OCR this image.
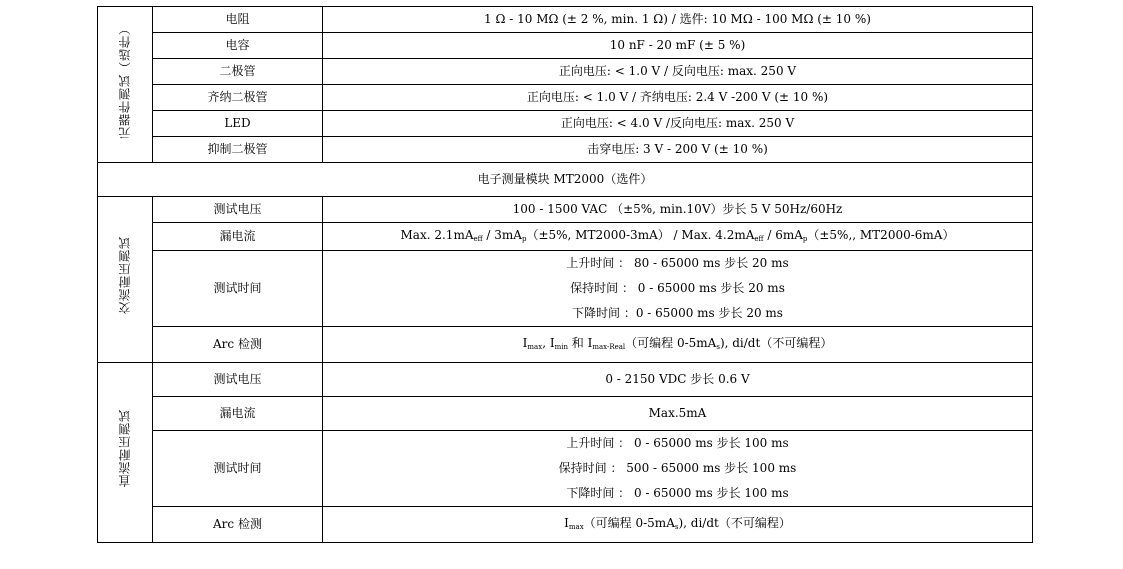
元器件测试（选件）	电阻	1 Ω - 10 MΩ (± 2 %, min. 1 Ω) / 选件: 10 MΩ - 100 MΩ (± 10 %)
	电容	10 nF - 20 mF (± 5 %)
	二极管	正向电压: < 1.0 V / 反向电压: max. 250 V
	齐纳二极管	正向电压: < 1.0 V / 齐纳电压: 2.4 V -200 V (± 10 %)
	LED	正向电压: < 4.0 V /反向电压: max. 250 V
	抑制二极管	击穿电压: 3 V - 200 V (± 10 %)
电子测量模块 MT2000（选件）		
交流耐压测试	测试电压	100 - 1500 VAC （±5%, min.10V）步长 5 V 50Hz/60Hz
	漏电流	Max. 2.1mAeff / 3mAp（±5%, MT2000-3mA） / Max. 4.2mAeff / 6mAp（±5%,, MT2000-6mA）
	测试时间	上升时间 ： 80 - 65000 ms 步长 20 ms
保持时间 ： 0 - 65000 ms 步长 20 ms
下降时间 ：0 - 65000 ms 步长 20 ms

	Arc 检测	Imax, Imin 和 Imax-Real（可编程 0-5mAs), di/dt（不可编程）
直流耐压测试	测试电压	0 - 2150 VDC 步长 0.6 V
	漏电流	Max.5mA
	测试时间	上升时间 ： 0 - 65000 ms 步长 100 ms
保持时间 ： 500 - 65000 ms 步长 100 ms
下降时间 ： 0 - 65000 ms 步长 100 ms

	Arc 检测	Imax（可编程 0-5mAs), di/dt（不可编程）
